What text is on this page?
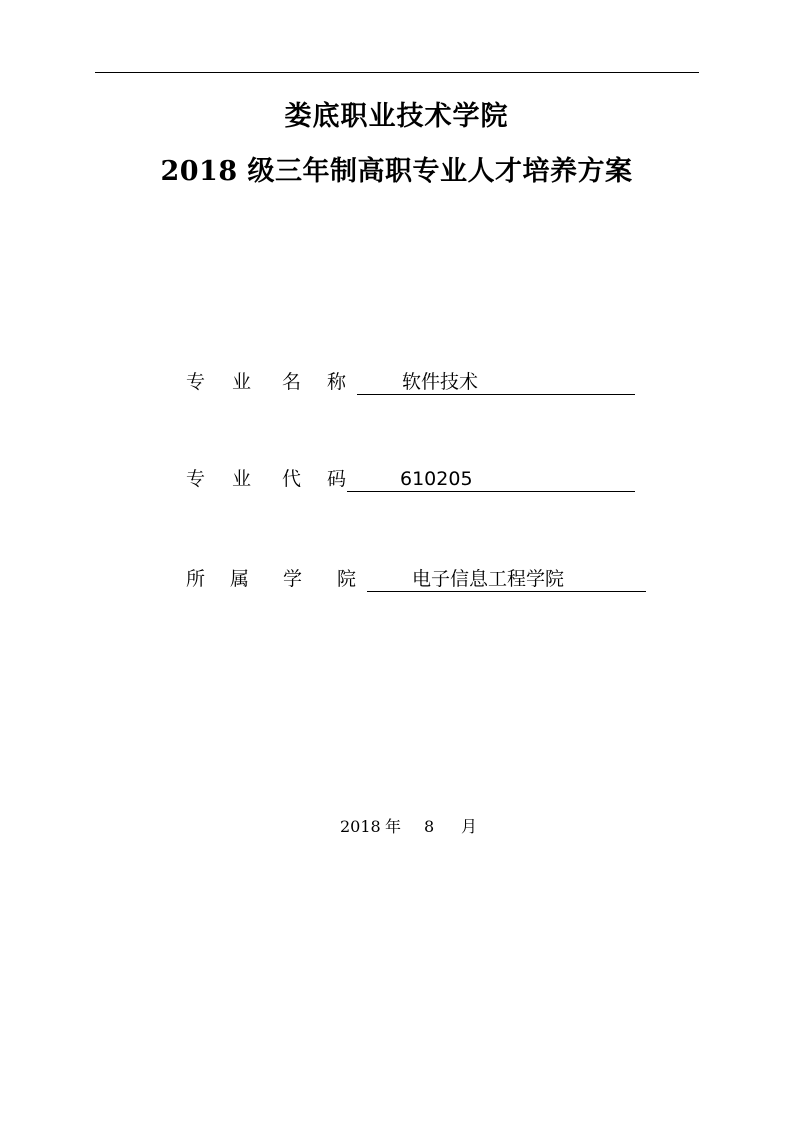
娄底职业技术学院
2018 级三年制高职专业人才培养方案
专 业 名 称	软件技术
专 业 代 码	610205
所 属 学 院	电子信息工程学院
2018 年 8 月
